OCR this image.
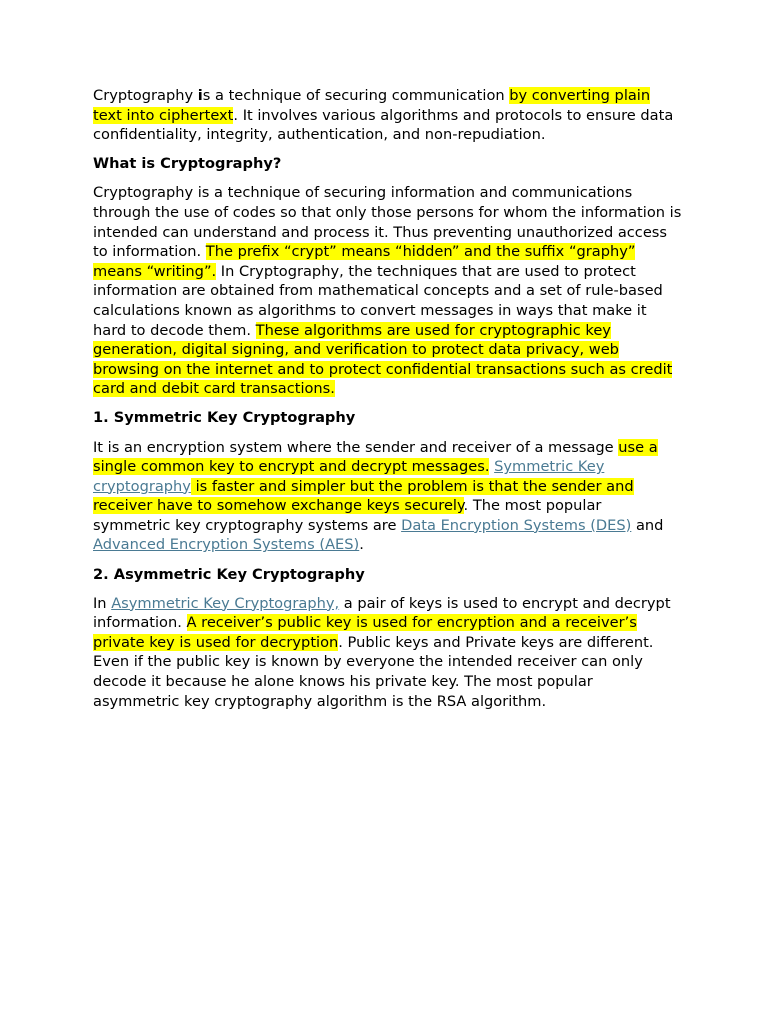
Cryptography is a technique of securing communication by converting plain text into ciphertext. It involves various algorithms and protocols to ensure data confidentiality, integrity, authentication, and non-repudiation.

What is Cryptography?

Cryptography is a technique of securing information and communications through the use of codes so that only those persons for whom the information is intended can understand and process it. Thus preventing unauthorized access to information. The prefix “crypt” means “hidden” and the suffix “graphy” means “writing”. In Cryptography, the techniques that are used to protect information are obtained from mathematical concepts and a set of rule-based calculations known as algorithms to convert messages in ways that make it hard to decode them. These algorithms are used for cryptographic key generation, digital signing, and verification to protect data privacy, web browsing on the internet and to protect confidential transactions such as credit card and debit card transactions.

1. Symmetric Key Cryptography

It is an encryption system where the sender and receiver of a message use a single common key to encrypt and decrypt messages. Symmetric Key cryptography is faster and simpler but the problem is that the sender and receiver have to somehow exchange keys securely. The most popular symmetric key cryptography systems are Data Encryption Systems (DES) and Advanced Encryption Systems (AES).

2. Asymmetric Key Cryptography

In Asymmetric Key Cryptography, a pair of keys is used to encrypt and decrypt information. A receiver’s public key is used for encryption and a receiver’s private key is used for decryption. Public keys and Private keys are different. Even if the public key is known by everyone the intended receiver can only decode it because he alone knows his private key. The most popular asymmetric key cryptography algorithm is the RSA algorithm.
